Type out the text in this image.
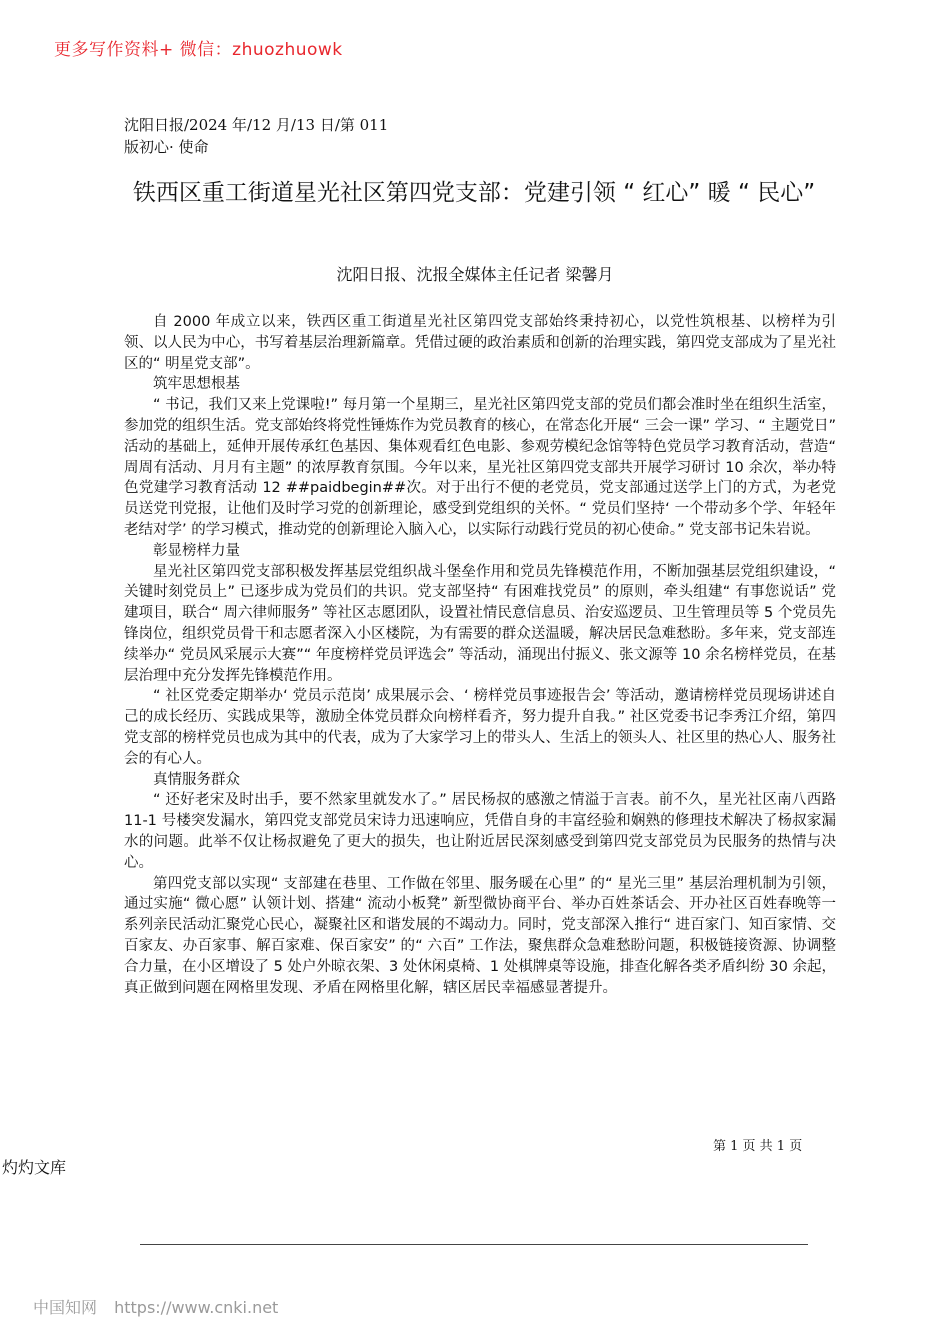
更多写作资料+ 微信：zhuozhuowk
沈阳日报/2024 年/12 月/13 日/第 011
版初心· 使命
铁西区重工街道星光社区第四党支部：党建引领 “ 红心” 暖 “ 民心”
沈阳日报、沈报全媒体主任记者 梁馨月

自 2000 年成立以来，铁西区重工街道星光社区第四党支部始终秉持初心，以党性筑根基、以榜样为引领、以人民为中心，书写着基层治理新篇章。凭借过硬的政治素质和创新的治理实践，第四党支部成为了星光社区的“ 明星党支部”。

筑牢思想根基

“ 书记，我们又来上党课啦!” 每月第一个星期三，星光社区第四党支部的党员们都会准时坐在组织生活室，参加党的组织生活。党支部始终将党性锤炼作为党员教育的核心，在常态化开展“ 三会一课” 学习、“ 主题党日” 活动的基础上，延伸开展传承红色基因、集体观看红色电影、参观劳模纪念馆等特色党员学习教育活动，营造“ 周周有活动、月月有主题” 的浓厚教育氛围。今年以来，星光社区第四党支部共开展学习研讨 10 余次，举办特色党建学习教育活动 12 ##paidbegin##次。对于出行不便的老党员，党支部通过送学上门的方式，为老党员送党刊党报，让他们及时学习党的创新理论，感受到党组织的关怀。“ 党员们坚持‘ 一个带动多个学、年轻年老结对学’ 的学习模式，推动党的创新理论入脑入心，以实际行动践行党员的初心使命。” 党支部书记朱岩说。

彰显榜样力量

星光社区第四党支部积极发挥基层党组织战斗堡垒作用和党员先锋模范作用，不断加强基层党组织建设，“ 关键时刻党员上” 已逐步成为党员们的共识。党支部坚持“ 有困难找党员” 的原则，牵头组建“ 有事您说话” 党建项目，联合“ 周六律师服务” 等社区志愿团队，设置社情民意信息员、治安巡逻员、卫生管理员等 5 个党员先锋岗位，组织党员骨干和志愿者深入小区楼院，为有需要的群众送温暖，解决居民急难愁盼。多年来，党支部连续举办“ 党员风采展示大赛”“ 年度榜样党员评选会” 等活动，涌现出付振义、张文源等 10 余名榜样党员，在基层治理中充分发挥先锋模范作用。

“ 社区党委定期举办‘ 党员示范岗’ 成果展示会、‘ 榜样党员事迹报告会’ 等活动，邀请榜样党员现场讲述自己的成长经历、实践成果等，激励全体党员群众向榜样看齐，努力提升自我。” 社区党委书记李秀江介绍，第四党支部的榜样党员也成为其中的代表，成为了大家学习上的带头人、生活上的领头人、社区里的热心人、服务社会的有心人。

真情服务群众

“ 还好老宋及时出手，要不然家里就发水了。” 居民杨叔的感激之情溢于言表。前不久，星光社区南八西路 11-1 号楼突发漏水，第四党支部党员宋诗力迅速响应，凭借自身的丰富经验和娴熟的修理技术解决了杨叔家漏水的问题。此举不仅让杨叔避免了更大的损失，也让附近居民深刻感受到第四党支部党员为民服务的热情与决心。

第四党支部以实现“ 支部建在巷里、工作做在邻里、服务暖在心里” 的“ 星光三里” 基层治理机制为引领，通过实施“ 微心愿” 认领计划、搭建“ 流动小板凳” 新型微协商平台、举办百姓茶话会、开办社区百姓春晚等一系列亲民活动汇聚党心民心，凝聚社区和谐发展的不竭动力。同时，党支部深入推行“ 进百家门、知百家情、交百家友、办百家事、解百家难、保百家安” 的“ 六百” 工作法，聚焦群众急难愁盼问题，积极链接资源、协调整合力量，在小区增设了 5 处户外晾衣架、3 处休闲桌椅、1 处棋牌桌等设施，排查化解各类矛盾纠纷 30 余起，真正做到问题在网格里发现、矛盾在网格里化解，辖区居民幸福感显著提升。

第 1 页 共 1 页
灼灼文库
中国知网 https://www.cnki.net
